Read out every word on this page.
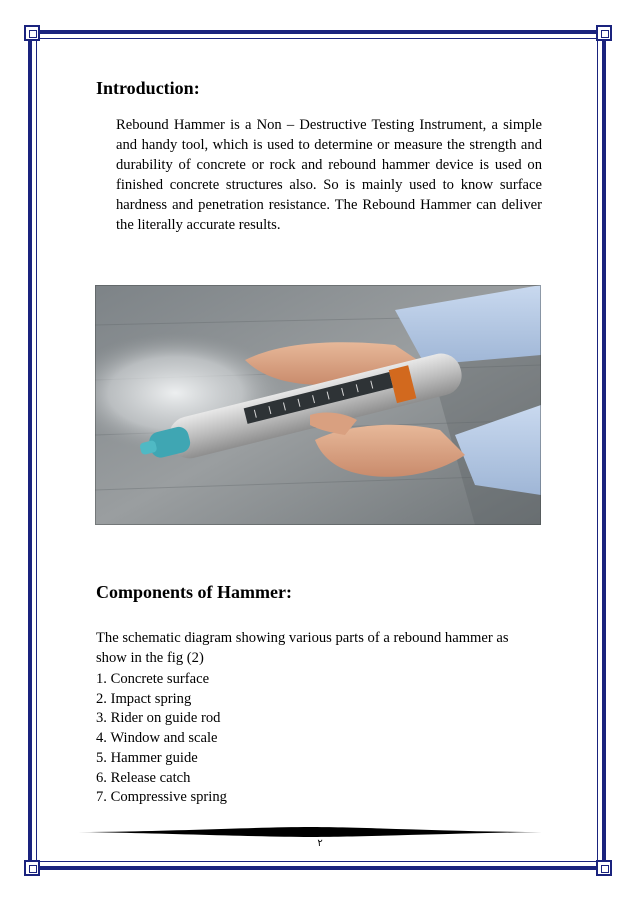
Introduction:

Rebound Hammer is a Non – Destructive Testing Instrument, a simple and handy tool, which is used to determine or measure the strength and durability of concrete or rock and rebound hammer device is used on finished concrete structures also. So is mainly used to know surface hardness and penetration resistance. The Rebound Hammer can deliver the literally accurate results.

Components of Hammer:

The schematic diagram showing various parts of a rebound hammer as show in the fig (2)

1. Concrete surface
2. Impact spring
3. Rider on guide rod
4. Window and scale
5. Hammer guide
6. Release catch
7. Compressive spring
٢
